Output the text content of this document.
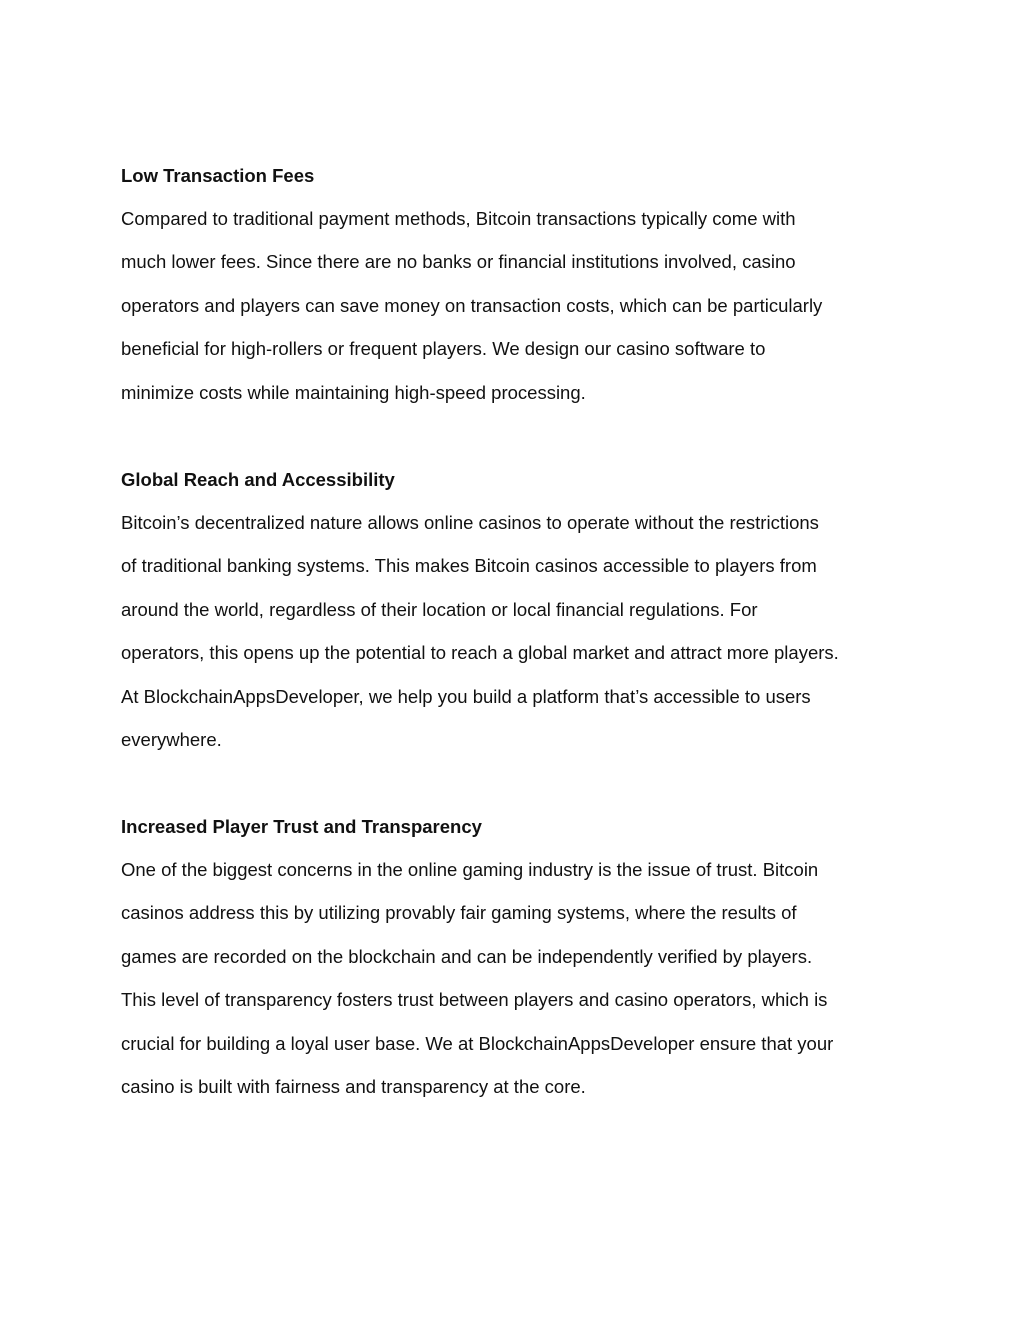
Low Transaction Fees

Compared to traditional payment methods, Bitcoin transactions typically come with

much lower fees. Since there are no banks or financial institutions involved, casino

operators and players can save money on transaction costs, which can be particularly

beneficial for high-rollers or frequent players. We design our casino software to

minimize costs while maintaining high-speed processing.

Global Reach and Accessibility

Bitcoin’s decentralized nature allows online casinos to operate without the restrictions

of traditional banking systems. This makes Bitcoin casinos accessible to players from

around the world, regardless of their location or local financial regulations. For

operators, this opens up the potential to reach a global market and attract more players.

At BlockchainAppsDeveloper, we help you build a platform that’s accessible to users

everywhere.

Increased Player Trust and Transparency

One of the biggest concerns in the online gaming industry is the issue of trust. Bitcoin

casinos address this by utilizing provably fair gaming systems, where the results of

games are recorded on the blockchain and can be independently verified by players.

This level of transparency fosters trust between players and casino operators, which is

crucial for building a loyal user base. We at BlockchainAppsDeveloper ensure that your

casino is built with fairness and transparency at the core.
